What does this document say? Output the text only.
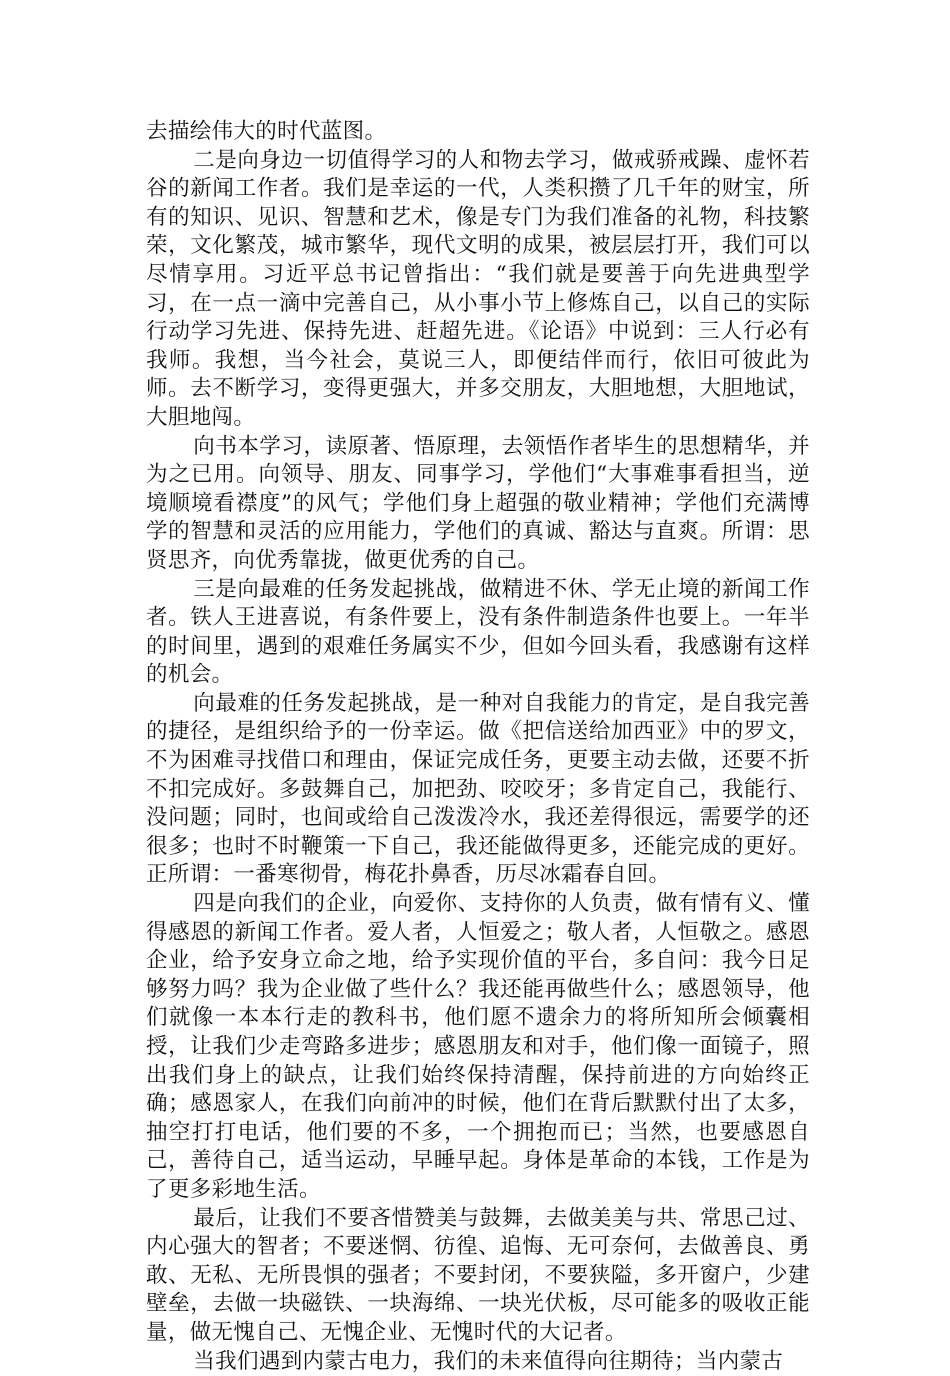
去描绘伟大的时代蓝图。

二是向身边一切值得学习的人和物去学习，做戒骄戒躁、虚怀若谷的新闻工作者。我们是幸运的一代，人类积攒了几千年的财宝，所有的知识、见识、智慧和艺术，像是专门为我们准备的礼物，科技繁荣，文化繁茂，城市繁华，现代文明的成果，被层层打开，我们可以尽情享用。习近平总书记曾指出：“我们就是要善于向先进典型学习，在一点一滴中完善自己，从小事小节上修炼自己，以自己的实际行动学习先进、保持先进、赶超先进。《论语》中说到：三人行必有我师。我想，当今社会，莫说三人，即便结伴而行，依旧可彼此为师。去不断学习，变得更强大，并多交朋友，大胆地想，大胆地试，大胆地闯。

向书本学习，读原著、悟原理，去领悟作者毕生的思想精华，并为之已用。向领导、朋友、同事学习，学他们“大事难事看担当，逆境顺境看襟度”的风气；学他们身上超强的敬业精神；学他们充满博学的智慧和灵活的应用能力，学他们的真诚、豁达与直爽。所谓：思贤思齐，向优秀靠拢，做更优秀的自己。

三是向最难的任务发起挑战，做精进不休、学无止境的新闻工作者。铁人王进喜说，有条件要上，没有条件制造条件也要上。一年半的时间里，遇到的艰难任务属实不少，但如今回头看，我感谢有这样的机会。

向最难的任务发起挑战，是一种对自我能力的肯定，是自我完善的捷径，是组织给予的一份幸运。做《把信送给加西亚》中的罗文，不为困难寻找借口和理由，保证完成任务，更要主动去做，还要不折不扣完成好。多鼓舞自己，加把劲、咬咬牙；多肯定自己，我能行、没问题；同时，也间或给自己泼泼冷水，我还差得很远，需要学的还很多；也时不时鞭策一下自己，我还能做得更多，还能完成的更好。正所谓：一番寒彻骨，梅花扑鼻香，历尽冰霜春自回。

四是向我们的企业，向爱你、支持你的人负责，做有情有义、懂得感恩的新闻工作者。爱人者，人恒爱之；敬人者，人恒敬之。感恩企业，给予安身立命之地，给予实现价值的平台，多自问：我今日足够努力吗？我为企业做了些什么？我还能再做些什么；感恩领导，他们就像一本本行走的教科书，他们愿不遗余力的将所知所会倾囊相授，让我们少走弯路多进步；感恩朋友和对手，他们像一面镜子，照出我们身上的缺点，让我们始终保持清醒，保持前进的方向始终正确；感恩家人，在我们向前冲的时候，他们在背后默默付出了太多，抽空打打电话，他们要的不多，一个拥抱而已；当然，也要感恩自己，善待自己，适当运动，早睡早起。身体是革命的本钱，工作是为了更多彩地生活。

最后，让我们不要吝惜赞美与鼓舞，去做美美与共、常思己过、内心强大的智者；不要迷惘、彷徨、追悔、无可奈何，去做善良、勇敢、无私、无所畏惧的强者；不要封闭，不要狭隘，多开窗户，少建壁垒，去做一块磁铁、一块海绵、一块光伏板，尽可能多的吸收正能量，做无愧自己、无愧企业、无愧时代的大记者。

当我们遇到内蒙古电力，我们的未来值得向往期待；当内蒙古
